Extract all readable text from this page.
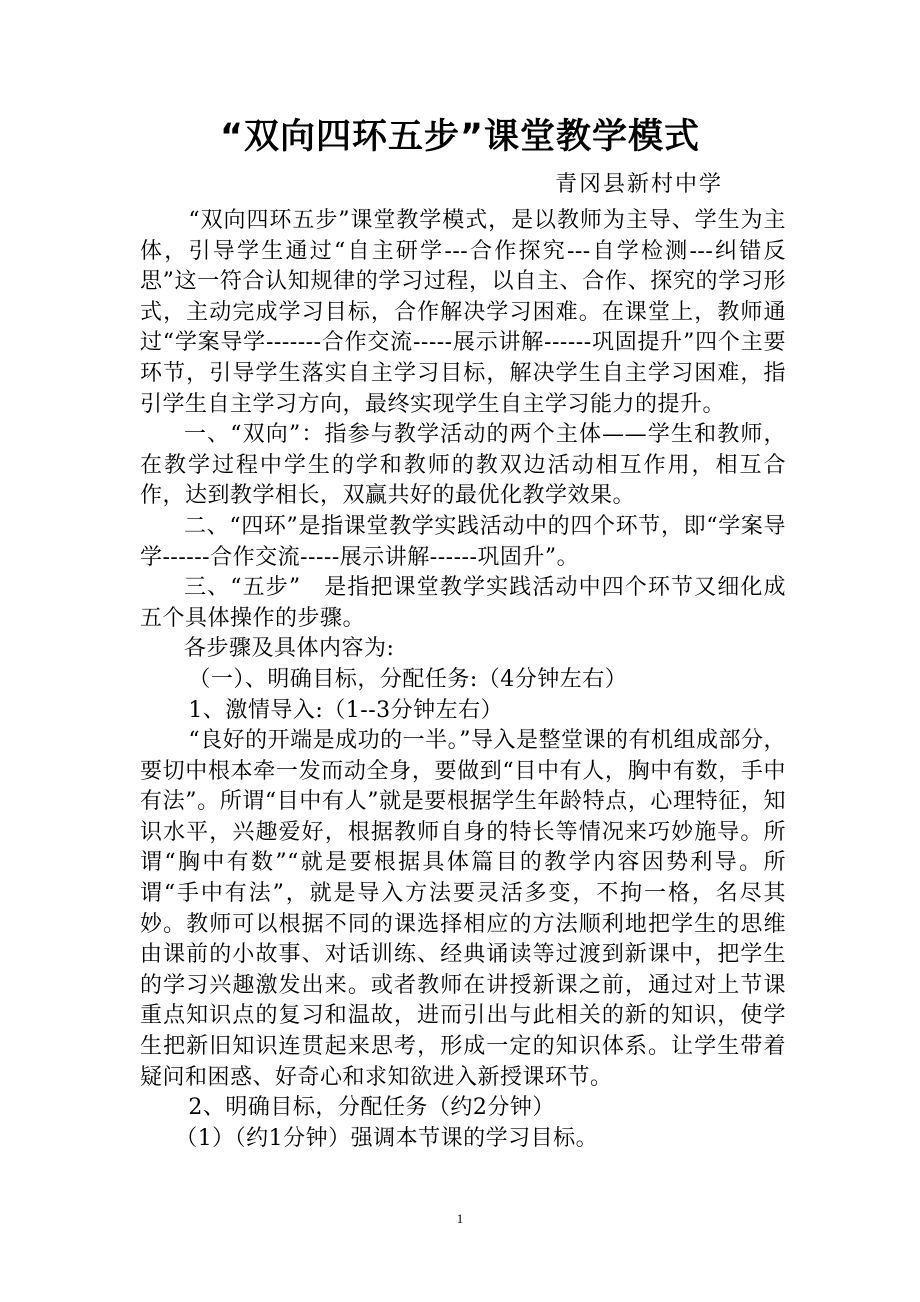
“双向四环五步”课堂教学模式
青冈县新村中学

“双向四环五步”课堂教学模式，是以教师为主导、学生为主体，引导学生通过“自主研学---合作探究---自学检测---纠错反思”这一符合认知规律的学习过程，以自主、合作、探究的学习形式，主动完成学习目标，合作解决学习困难。在课堂上，教师通过“学案导学-------合作交流-----展示讲解------巩固提升”四个主要环节，引导学生落实自主学习目标，解决学生自主学习困难，指引学生自主学习方向，最终实现学生自主学习能力的提升。

一、“双向”：指参与教学活动的两个主体——学生和教师，在教学过程中学生的学和教师的教双边活动相互作用，相互合作，达到教学相长，双赢共好的最优化教学效果。

二、“四环”是指课堂教学实践活动中的四个环节，即“学案导学------合作交流-----展示讲解------巩固升”。

三、“五步”　是指把课堂教学实践活动中四个环节又细化成五个具体操作的步骤。

各步骤及具体内容为:

（一）、明确目标，分配任务:（4分钟左右）

1、激情导入:（1--3分钟左右）

“良好的开端是成功的一半。”导入是整堂课的有机组成部分，要切中根本牵一发而动全身，要做到“目中有人，胸中有数，手中有法”。所谓“目中有人”就是要根据学生年龄特点，心理特征，知识水平，兴趣爱好，根据教师自身的特长等情况来巧妙施导。所谓“胸中有数”“就是要根据具体篇目的教学内容因势利导。所谓“手中有法”，就是导入方法要灵活多变，不拘一格，名尽其妙。教师可以根据不同的课选择相应的方法顺利地把学生的思维由课前的小故事、对话训练、经典诵读等过渡到新课中，把学生的学习兴趣激发出来。或者教师在讲授新课之前，通过对上节课重点知识点的复习和温故，进而引出与此相关的新的知识，使学生把新旧知识连贯起来思考，形成一定的知识体系。让学生带着疑问和困惑、好奇心和求知欲进入新授课环节。

2、明确目标，分配任务（约2分钟）

（1）（约1分钟）强调本节课的学习目标。

1
